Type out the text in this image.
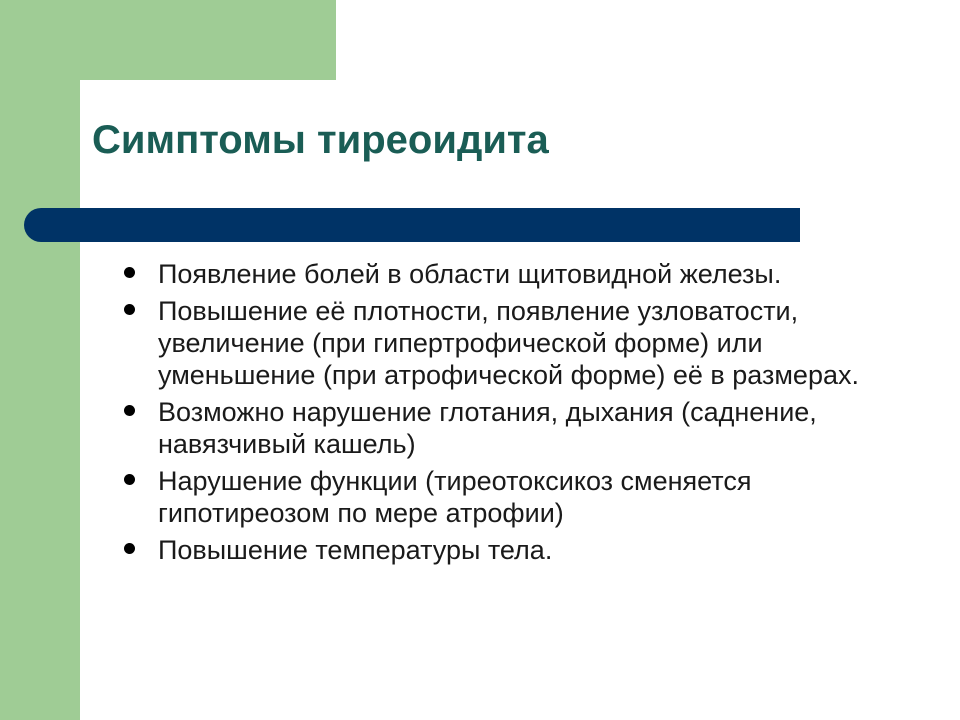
Симптомы тиреоидита
Появление болей в области щитовидной железы.
Повышение её плотности, появление узловатости, увеличение (при гипертрофической форме) или уменьшение (при атрофической форме) её в размерах.
Возможно нарушение глотания, дыхания (саднение, навязчивый кашель)
Нарушение функции (тиреотоксикоз сменяется гипотиреозом по мере атрофии)
Повышение температуры тела.
